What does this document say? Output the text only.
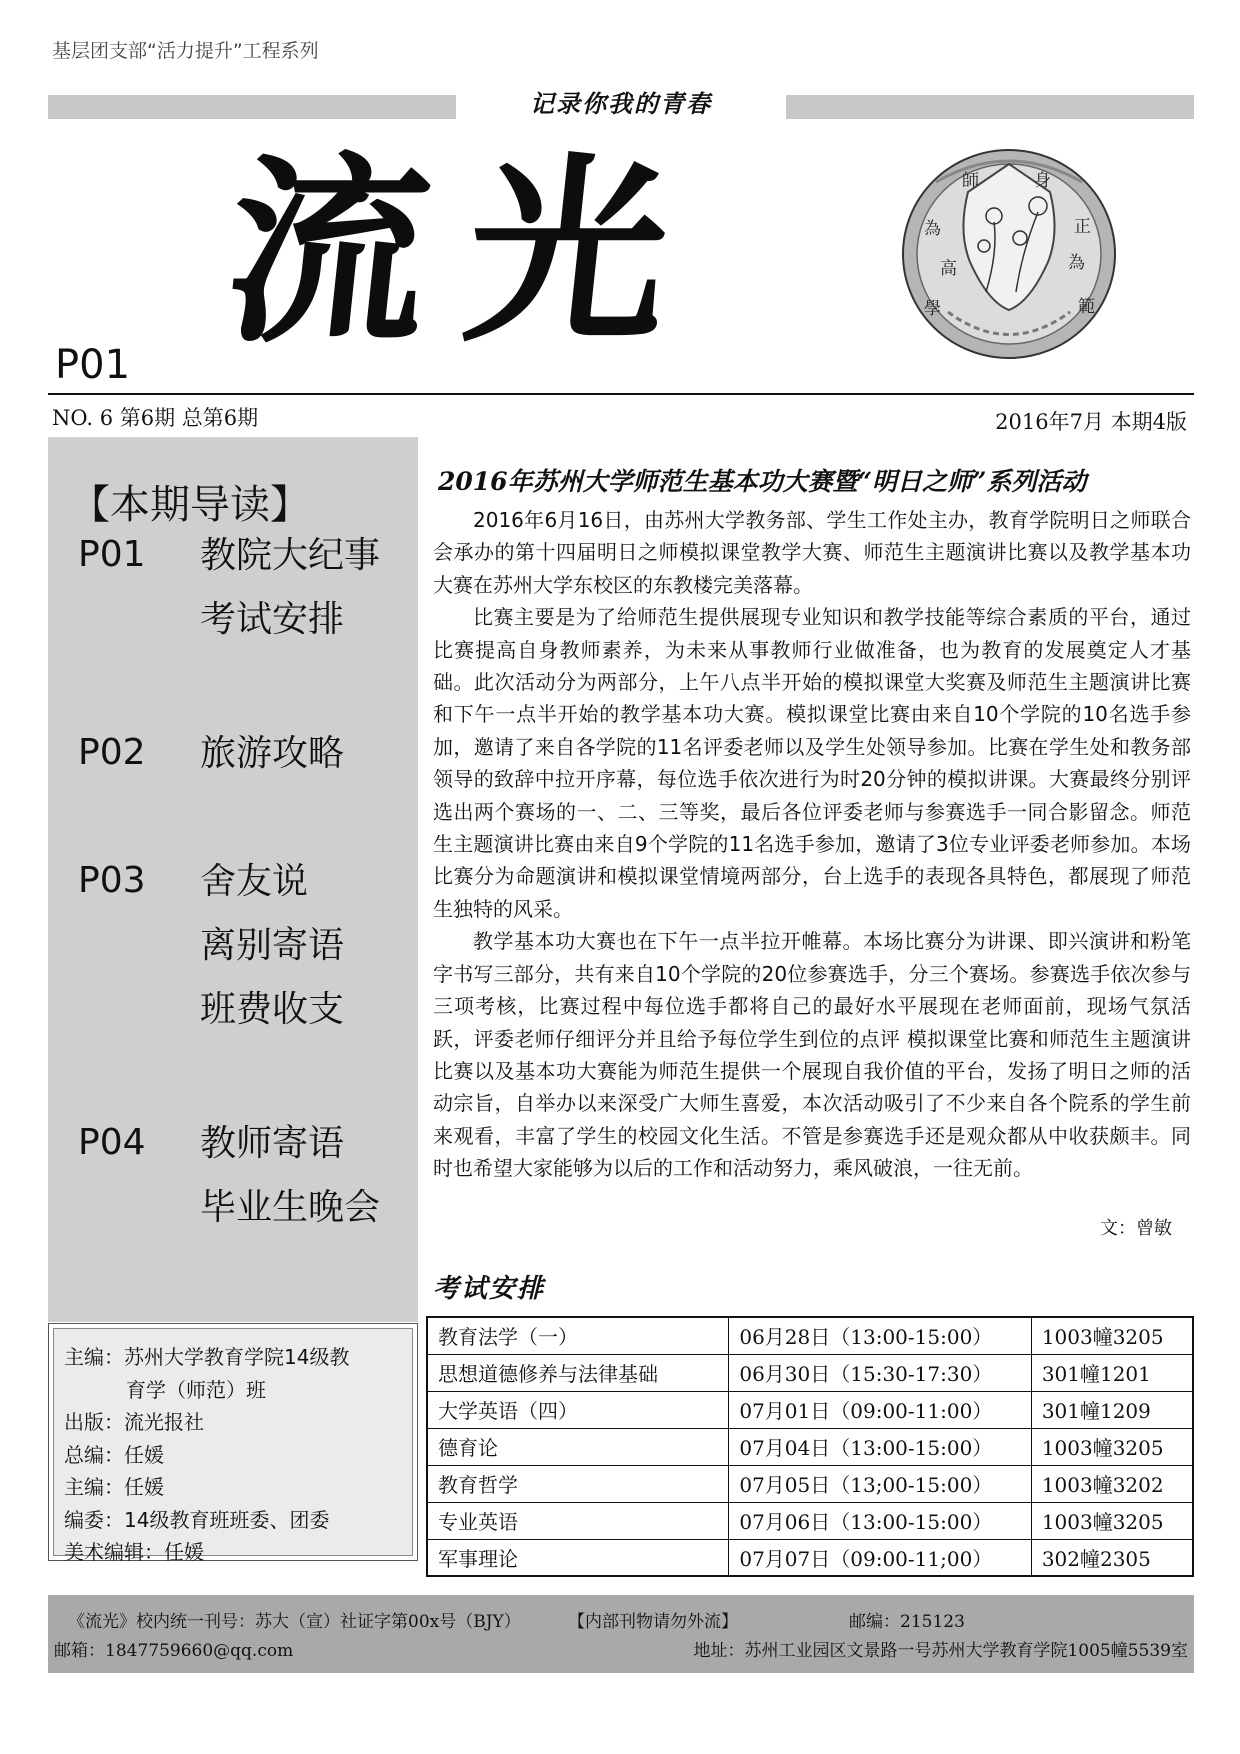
基层团支部“活力提升”工程系列
记录你我的青春
流 光	師	身
為	正
高	為
學	範
P01
NO. 6 第6期 总第6期	2016年7月 本期4版
【本期导读】
P01	教院大纪事
考试安排
P02	旅游攻略
P03	舍友说
离别寄语
班费收支
P04	教师寄语
毕业生晚会
主编：苏州大学教育学院14级教
育学（师范）班
出版：流光报社
总编：任媛
主编：任媛
编委：14级教育班班委、团委
美术编辑：任媛
2016年苏州大学师范生基本功大赛暨“明日之师”系列活动

2016年6月16日，由苏州大学教务部、学生工作处主办，教育学院明日之师联合会承办的第十四届明日之师模拟课堂教学大赛、师范生主题演讲比赛以及教学基本功大赛在苏州大学东校区的东教楼完美落幕。

比赛主要是为了给师范生提供展现专业知识和教学技能等综合素质的平台，通过比赛提高自身教师素养，为未来从事教师行业做准备，也为教育的发展奠定人才基础。此次活动分为两部分，上午八点半开始的模拟课堂大奖赛及师范生主题演讲比赛和下午一点半开始的教学基本功大赛。模拟课堂比赛由来自10个学院的10名选手参加，邀请了来自各学院的11名评委老师以及学生处领导参加。比赛在学生处和教务部领导的致辞中拉开序幕，每位选手依次进行为时20分钟的模拟讲课。大赛最终分别评选出两个赛场的一、二、三等奖，最后各位评委老师与参赛选手一同合影留念。师范生主题演讲比赛由来自9个学院的11名选手参加，邀请了3位专业评委老师参加。本场比赛分为命题演讲和模拟课堂情境两部分，台上选手的表现各具特色，都展现了师范生独特的风采。

教学基本功大赛也在下午一点半拉开帷幕。本场比赛分为讲课、即兴演讲和粉笔字书写三部分，共有来自10个学院的20位参赛选手，分三个赛场。参赛选手依次参与三项考核，比赛过程中每位选手都将自己的最好水平展现在老师面前，现场气氛活跃，评委老师仔细评分并且给予每位学生到位的点评 模拟课堂比赛和师范生主题演讲比赛以及基本功大赛能为师范生提供一个展现自我价值的平台，发扬了明日之师的活动宗旨，自举办以来深受广大师生喜爱，本次活动吸引了不少来自各个院系的学生前来观看，丰富了学生的校园文化生活。不管是参赛选手还是观众都从中收获颇丰。同时也希望大家能够为以后的工作和活动努力，乘风破浪，一往无前。

文：曾敏
考试安排
教育法学（一）	06月28日（13:00-15:00）	1003幢3205
思想道德修养与法律基础	06月30日（15:30-17:30）	301幢1201
大学英语（四）	07月01日（09:00-11:00）	301幢1209
德育论	07月04日（13:00-15:00）	1003幢3205
教育哲学	07月05日（13;00-15:00）	1003幢3202
专业英语	07月06日（13:00-15:00）	1003幢3205
军事理论	07月07日（09:00-11;00）	302幢2305
《流光》校内统一刊号：苏大（宣）社证字第00x号（BJY）	【内部刊物请勿外流】	邮编：215123
邮箱：1847759660@qq.com	地址：苏州工业园区文景路一号苏州大学教育学院1005幢5539室
